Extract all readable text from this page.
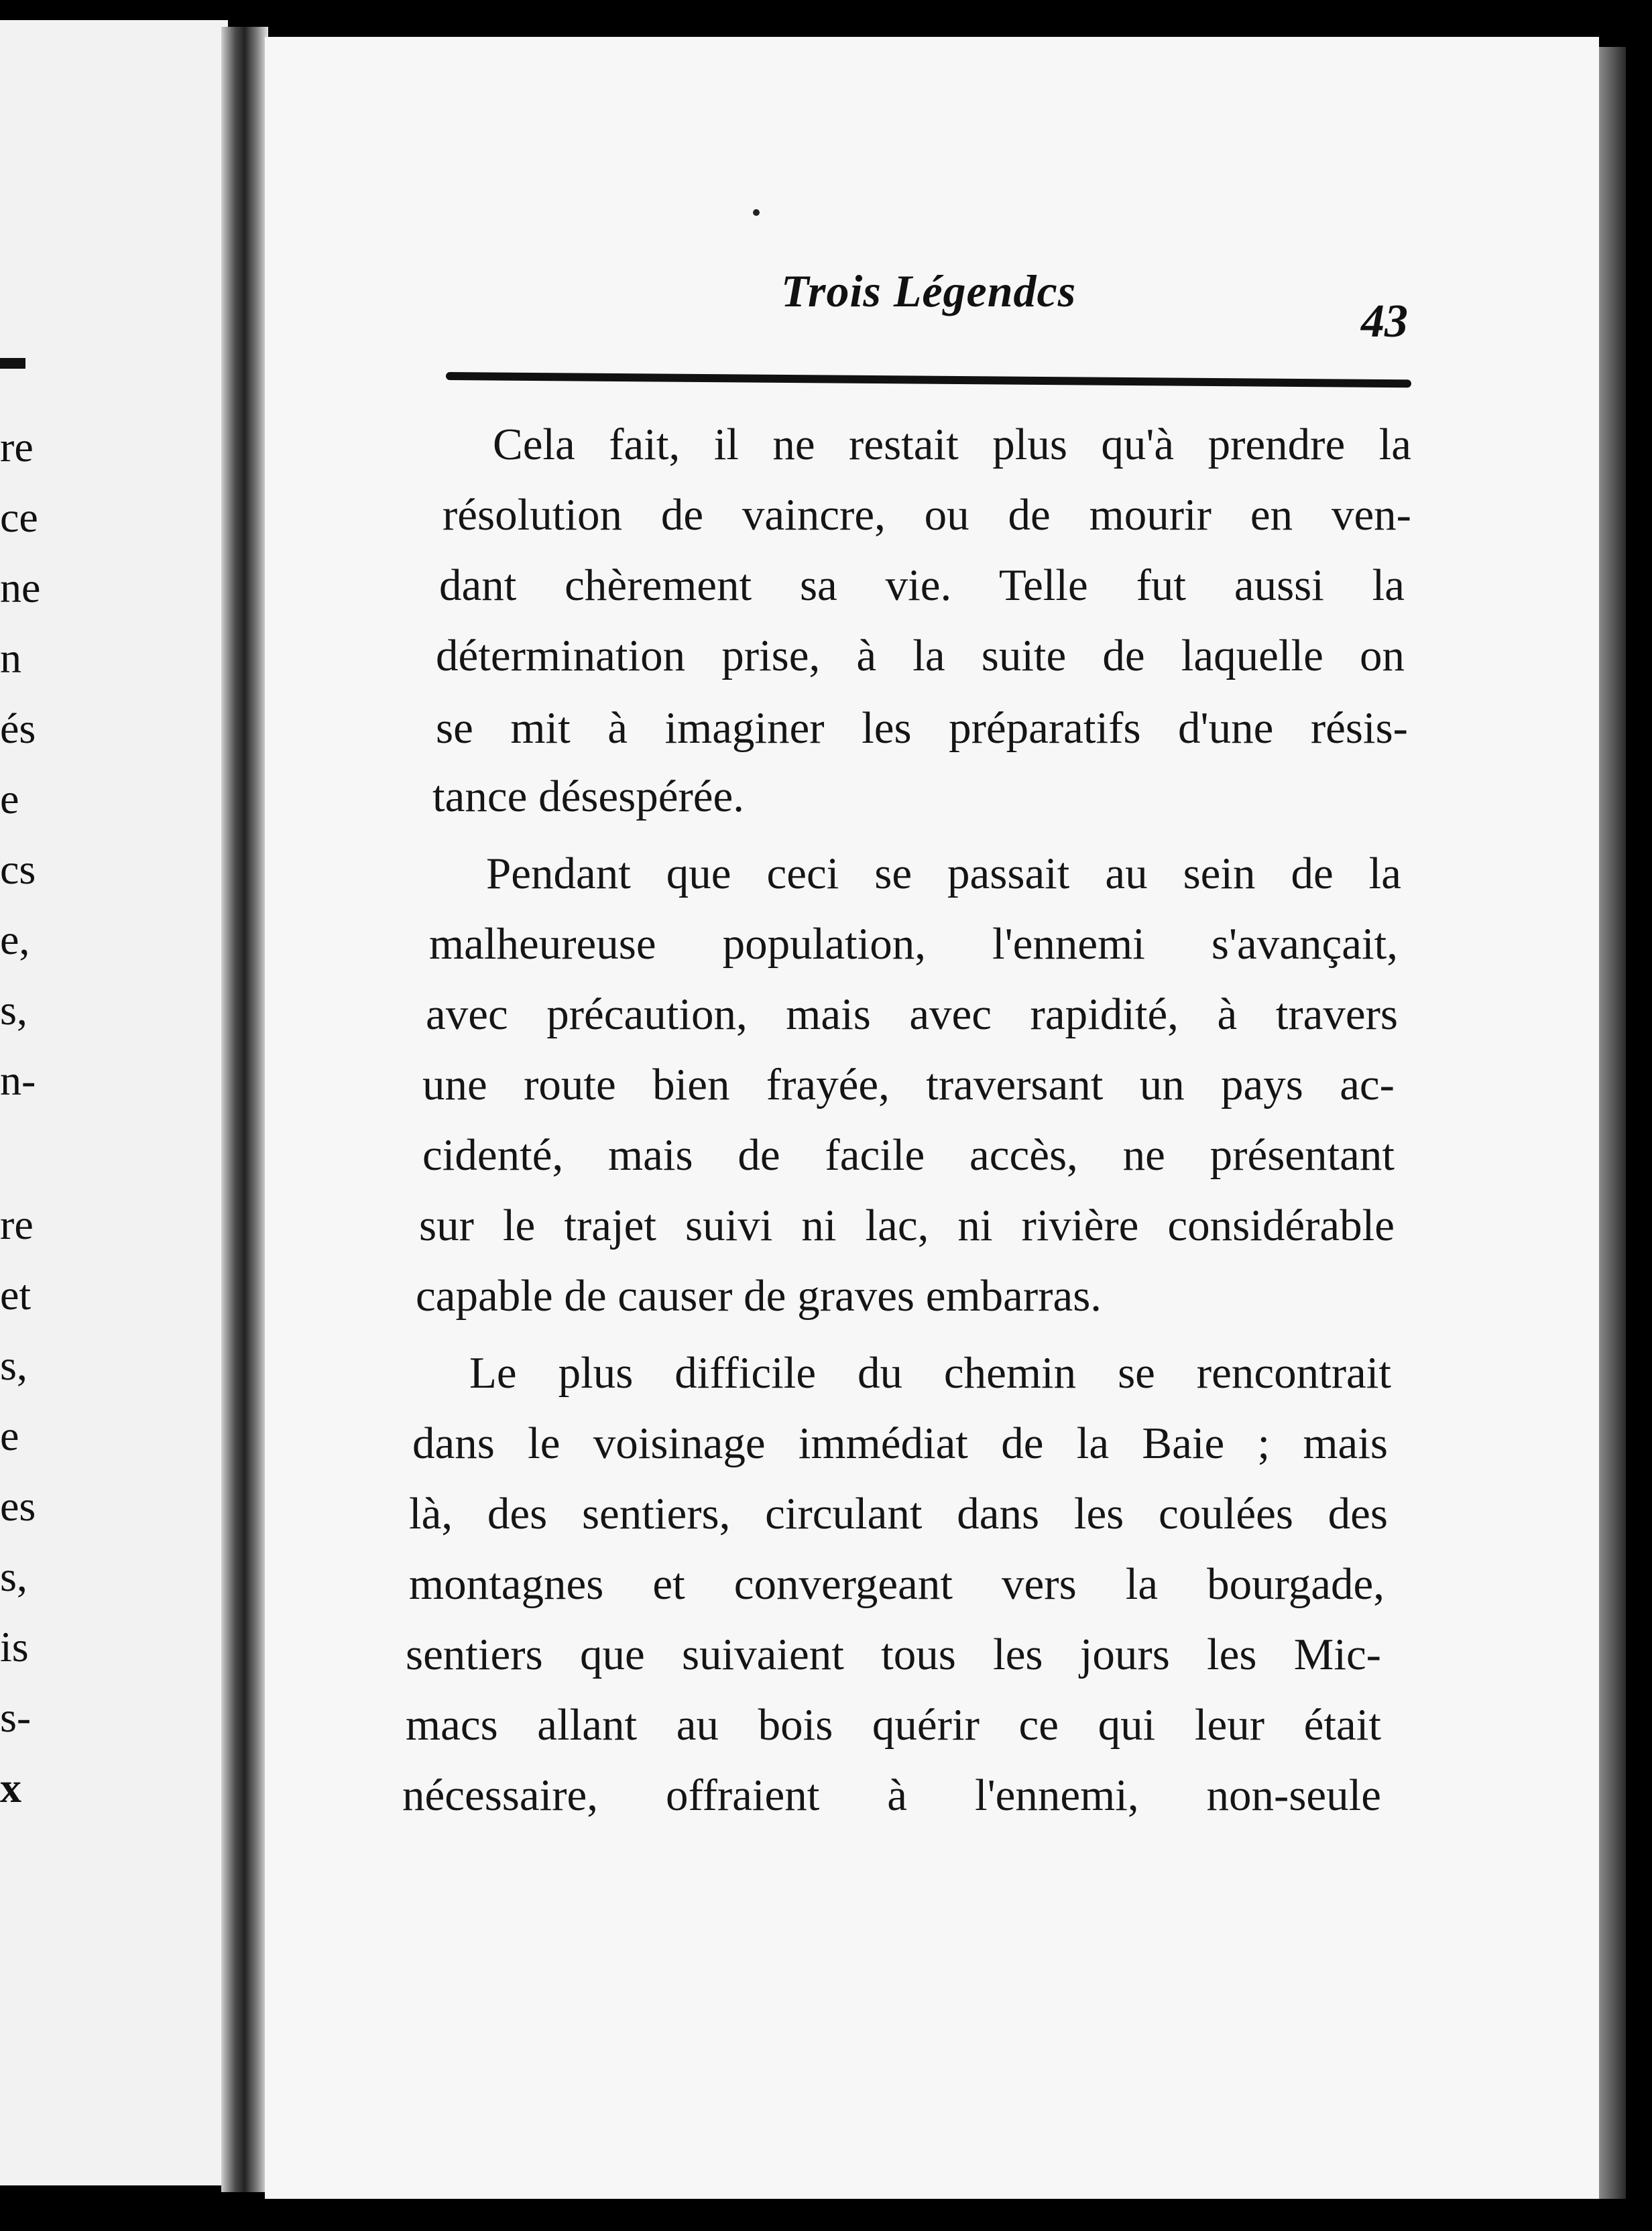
re
ce
ne
n
és
e
cs
e,
s,
n-
re
et
s,
e
es
s,
is
s-
x
Trois Légendcs
43
Cela fait, il ne restait plus qu'à prendre la
résolution de vaincre, ou de mourir en ven-
dant chèrement sa vie. Telle fut aussi la
détermination prise, à la suite de laquelle on
se mit à imaginer les préparatifs d'une résis-
tance désespérée.
Pendant que ceci se passait au sein de la
malheureuse population, l'ennemi s'avançait,
avec précaution, mais avec rapidité, à travers
une route bien frayée, traversant un pays ac-
cidenté, mais de facile accès, ne présentant
sur le trajet suivi ni lac, ni rivière considérable
capable de causer de graves embarras.
Le plus difficile du chemin se rencontrait
dans le voisinage immédiat de la Baie ; mais
là, des sentiers, circulant dans les coulées des
montagnes et convergeant vers la bourgade,
sentiers que suivaient tous les jours les Mic-
macs allant au bois quérir ce qui leur était
nécessaire, offraient à l'ennemi, non-seule
